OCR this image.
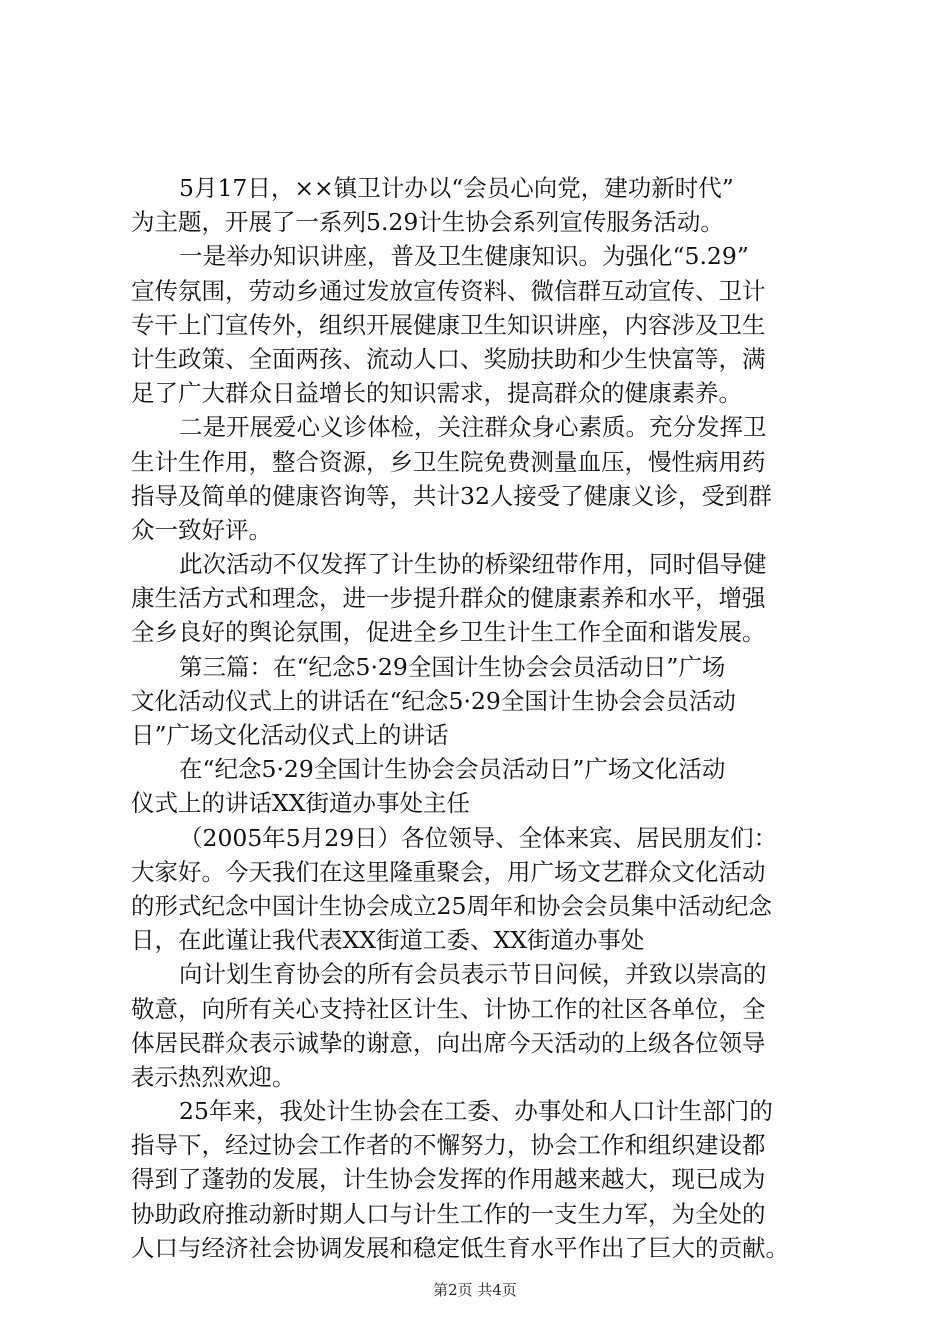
5月17日，××镇卫计办以“会员心向党，建功新时代”
为主题，开展了一系列5.29计生协会系列宣传服务活动。
一是举办知识讲座，普及卫生健康知识。为强化“5.29”
宣传氛围，劳动乡通过发放宣传资料、微信群互动宣传、卫计
专干上门宣传外，组织开展健康卫生知识讲座，内容涉及卫生
计生政策、全面两孩、流动人口、奖励扶助和少生快富等，满
足了广大群众日益增长的知识需求，提高群众的健康素养。
二是开展爱心义诊体检，关注群众身心素质。充分发挥卫
生计生作用，整合资源，乡卫生院免费测量血压，慢性病用药
指导及简单的健康咨询等，共计32人接受了健康义诊，受到群
众一致好评。
此次活动不仅发挥了计生协的桥梁纽带作用，同时倡导健
康生活方式和理念，进一步提升群众的健康素养和水平，增强
全乡良好的舆论氛围，促进全乡卫生计生工作全面和谐发展。
第三篇：在“纪念5·29全国计生协会会员活动日”广场
文化活动仪式上的讲话在“纪念5·29全国计生协会会员活动
日”广场文化活动仪式上的讲话
在“纪念5·29全国计生协会会员活动日”广场文化活动
仪式上的讲话XX街道办事处主任
（2005年5月29日）各位领导、全体来宾、居民朋友们：
大家好。今天我们在这里隆重聚会，用广场文艺群众文化活动
的形式纪念中国计生协会成立25周年和协会会员集中活动纪念
日，在此谨让我代表XX街道工委、XX街道办事处
向计划生育协会的所有会员表示节日问候，并致以崇高的
敬意，向所有关心支持社区计生、计协工作的社区各单位，全
体居民群众表示诚挚的谢意，向出席今天活动的上级各位领导
表示热烈欢迎。
25年来，我处计生协会在工委、办事处和人口计生部门的
指导下，经过协会工作者的不懈努力，协会工作和组织建设都
得到了蓬勃的发展，计生协会发挥的作用越来越大，现已成为
协助政府推动新时期人口与计生工作的一支生力军，为全处的
人口与经济社会协调发展和稳定低生育水平作出了巨大的贡献。
第2页 共4页
